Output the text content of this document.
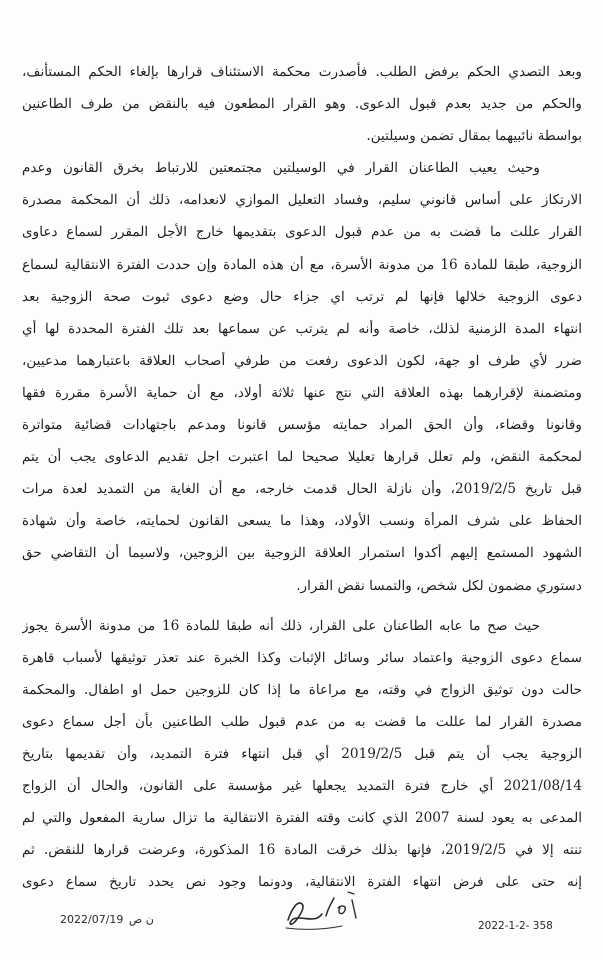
وبعد التصدي الحكم برفض الطلب. فأصدرت محكمة الاستئناف قرارها بإلغاء الحكم المستأنف،
والحكم من جديد بعدم قبول الدعوى. وهو القرار المطعون فيه بالنقض من طرف الطاعنين
بواسطة نائبيهما بمقال تضمن وسيلتين.
وحيث يعيب الطاعنان القرار في الوسيلتين مجتمعتين للارتباط بخرق القانون وعدم
الارتكاز على أساس قانوني سليم، وفساد التعليل الموازي لانعدامه، ذلك أن المحكمة مصدرة
القرار عللت ما قضت به من عدم قبول الدعوى بتقديمها خارج الأجل المقرر لسماع دعاوى
الزوجية، طبقا للمادة 16 من مدونة الأسرة، مع أن هذه المادة وإن حددت الفترة الانتقالية لسماع
دعوى الزوجية خلالها فإنها لم ترتب اي جزاء حال وضع دعوى ثبوت صحة الزوجية بعد
انتهاء المدة الزمنية لذلك، خاصة وأنه لم يترتب عن سماعها بعد تلك الفترة المحددة لها أي
ضرر لأي طرف او جهة، لكون الدعوى رفعت من طرفي أصحاب العلاقة باعتبارهما مدعيين،
ومتضمنة لإقرارهما بهذه العلاقة التي نتج عنها ثلاثة أولاد، مع أن حماية الأسرة مقررة فقها
وقانونا وقضاء، وأن الحق المراد حمايته مؤسس قانونا ومدعم باجتهادات قضائية متواترة
لمحكمة النقض، ولم تعلل قرارها تعليلا صحيحا لما اعتبرت اجل تقديم الدعاوى يجب أن يتم
قبل تاريخ 2019/2/5، وأن نازلة الحال قدمت خارجه، مع أن الغاية من التمديد لعدة مرات
الحفاظ على شرف المرأة ونسب الأولاد، وهذا ما يسعى القانون لحمايته، خاصة وأن شهادة
الشهود المستمع إليهم أكدوا استمرار العلاقة الزوجية بين الزوجين، ولاسيما أن التقاضي حق
دستوري مضمون لكل شخص، والتمسا نقض القرار.
حيث صح ما عابه الطاعنان على القرار، ذلك أنه طبقا للمادة 16 من مدونة الأسرة يجوز
سماع دعوى الزوجية واعتماد سائر وسائل الإثبات وكذا الخبرة عند تعذر توثيقها لأسباب قاهرة
حالت دون توثيق الزواج في وقته، مع مراعاة ما إذا كان للزوجين حمل او اطفال. والمحكمة
مصدرة القرار لما عللت ما قضت به من عدم قبول طلب الطاعنين بأن أجل سماع دعوى
الزوجية يجب أن يتم قبل 2019/2/5 أي قبل انتهاء فترة التمديد، وأن تقديمها بتاريخ
2021/08/14 أي خارج فترة التمديد يجعلها غير مؤسسة على القانون، والحال أن الزواج
المدعى به يعود لسنة 2007 الذي كانت وقته الفترة الانتقالية ما تزال سارية المفعول والتي لم
تنته إلا في 2019/2/5، فإنها بذلك خرقت المادة 16 المذكورة، وعرضت قرارها للنقض. ثم
إنه حتى على فرض انتهاء الفترة الانتقالية، ودونما وجود نص يحدد تاريخ سماع دعوى
2022/07/19 ن ص	2022-1-2- 358
